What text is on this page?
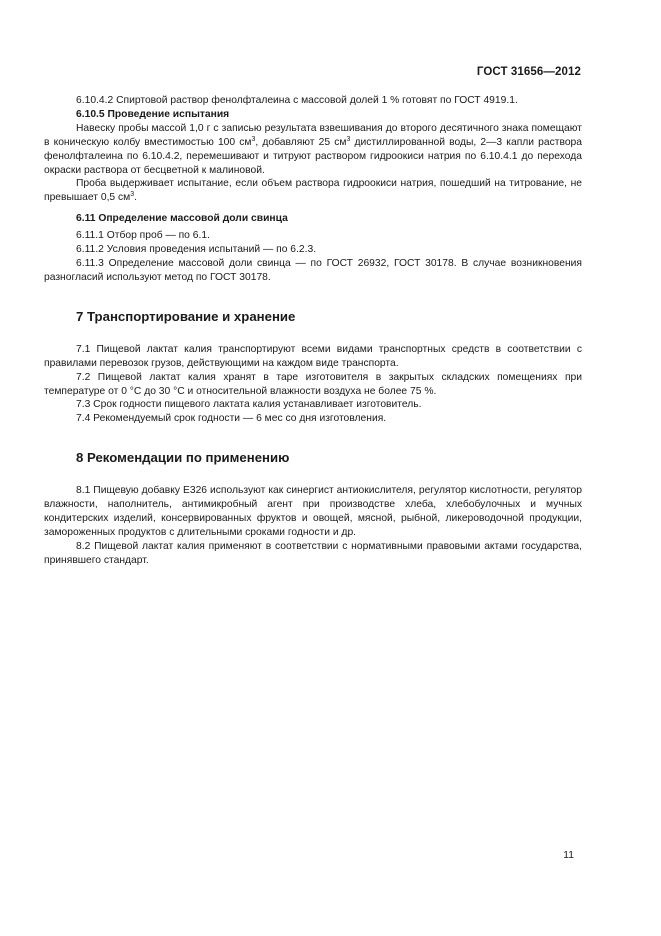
ГОСТ 31656—2012

6.10.4.2 Спиртовой раствор фенолфталеина с массовой долей 1 % готовят по ГОСТ 4919.1.

6.10.5 Проведение испытания

Навеску пробы массой 1,0 г с записью результата взвешивания до второго десятичного знака помещают в коническую колбу вместимостью 100 $см^3$, добавляют 25 $см^3$ дистиллированной воды, 2—3 капли раствора фенолфталеина по 6.10.4.2, перемешивают и титруют раствором гидроокиси натрия по 6.10.4.1 до перехода окраски раствора от бесцветной к малиновой.

Проба выдерживает испытание, если объем раствора гидроокиси натрия, пошедший на титрование, не превышает 0,5 $см^3$.

6.11 Определение массовой доли свинца

6.11.1 Отбор проб — по 6.1.

6.11.2 Условия проведения испытаний — по 6.2.3.

6.11.3 Определение массовой доли свинца — по ГОСТ 26932, ГОСТ 30178. В случае возникновения разногласий используют метод по ГОСТ 30178.

7 Транспортирование и хранение

7.1 Пищевой лактат калия транспортируют всеми видами транспортных средств в соответствии с правилами перевозок грузов, действующими на каждом виде транспорта.

7.2 Пищевой лактат калия хранят в таре изготовителя в закрытых складских помещениях при температуре от 0 °С до 30 °С и относительной влажности воздуха не более 75 %.

7.3 Срок годности пищевого лактата калия устанавливает изготовитель.

7.4 Рекомендуемый срок годности — 6 мес со дня изготовления.

8 Рекомендации по применению

8.1 Пищевую добавку Е326 используют как синергист антиокислителя, регулятор кислотности, регулятор влажности, наполнитель, антимикробный агент при производстве хлеба, хлебобулочных и мучных кондитерских изделий, консервированных фруктов и овощей, мясной, рыбной, ликероводочной продукции, замороженных продуктов с длительными сроками годности и др.

8.2 Пищевой лактат калия применяют в соответствии с нормативными правовыми актами государства, принявшего стандарт.

11
